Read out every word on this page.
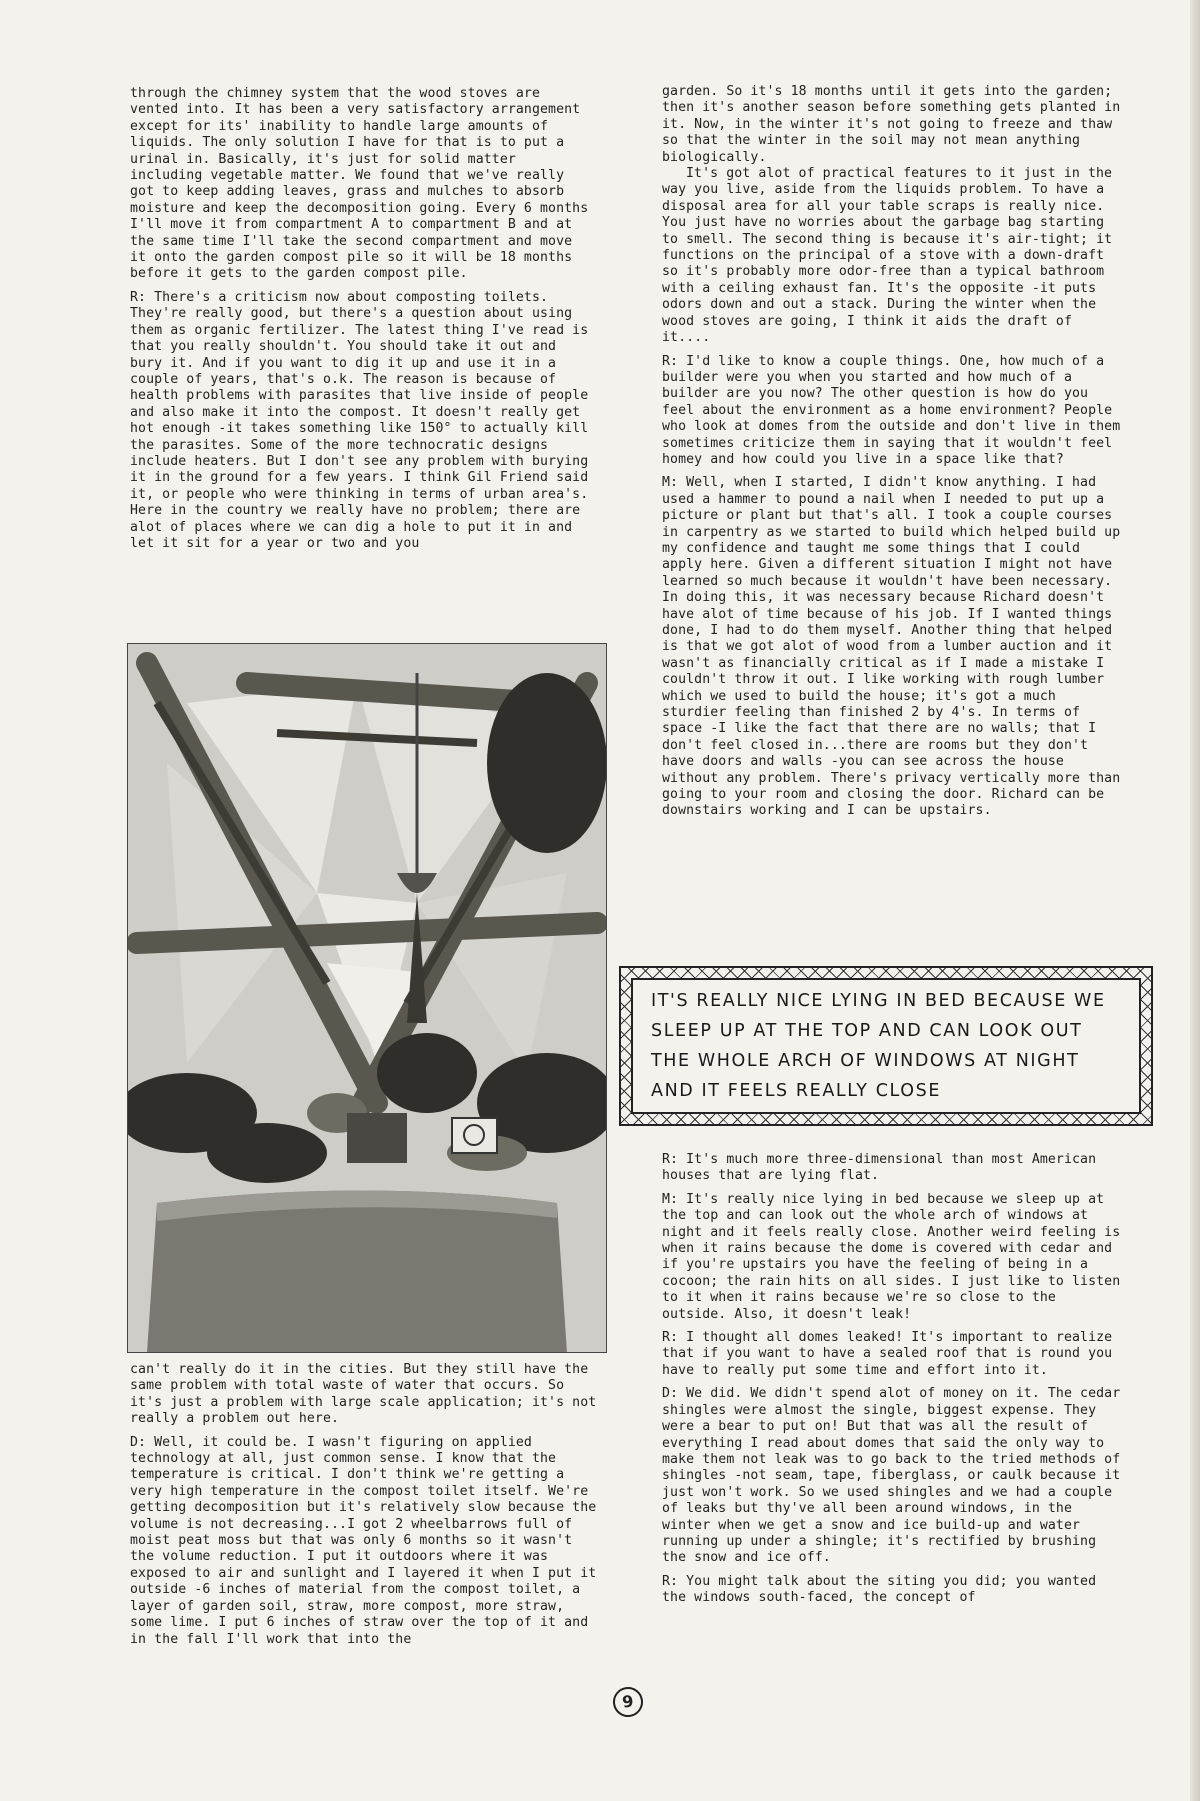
through the chimney system that the wood stoves are vented into. It has been a very satisfactory arrangement except for its' inability to handle large amounts of liquids. The only solution I have for that is to put a urinal in. Basically, it's just for solid matter including vegetable matter. We found that we've really got to keep adding leaves, grass and mulches to absorb moisture and keep the decomposition going. Every 6 months I'll move it from compartment A to compartment B and at the same time I'll take the second compartment and move it onto the garden compost pile so it will be 18 months before it gets to the garden compost pile.

R: There's a criticism now about composting toilets. They're really good, but there's a question about using them as organic fertilizer. The latest thing I've read is that you really shouldn't. You should take it out and bury it. And if you want to dig it up and use it in a couple of years, that's o.k. The reason is because of health problems with parasites that live inside of people and also make it into the compost. It doesn't really get hot enough -it takes something like 150° to actually kill the parasites. Some of the more technocratic designs include heaters. But I don't see any problem with burying it in the ground for a few years. I think Gil Friend said it, or people who were thinking in terms of urban area's. Here in the country we really have no problem; there are alot of places where we can dig a hole to put it in and let it sit for a year or two and you

can't really do it in the cities. But they still have the same problem with total waste of water that occurs. So it's just a problem with large scale application; it's not really a problem out here.

D: Well, it could be. I wasn't figuring on applied technology at all, just common sense. I know that the temperature is critical. I don't think we're getting a very high temperature in the compost toilet itself. We're getting decomposition but it's relatively slow because the volume is not decreasing...I got 2 wheelbarrows full of moist peat moss but that was only 6 months so it wasn't the volume reduction. I put it outdoors where it was exposed to air and sunlight and I layered it when I put it outside -6 inches of material from the compost toilet, a layer of garden soil, straw, more compost, more straw, some lime. I put 6 inches of straw over the top of it and in the fall I'll work that into the

garden. So it's 18 months until it gets into the garden; then it's another season before something gets planted in it. Now, in the winter it's not going to freeze and thaw so that the winter in the soil may not mean anything biologically.

It's got alot of practical features to it just in the way you live, aside from the liquids problem. To have a disposal area for all your table scraps is really nice. You just have no worries about the garbage bag starting to smell. The second thing is because it's air-tight; it functions on the principal of a stove with a down-draft so it's probably more odor-free than a typical bathroom with a ceiling exhaust fan. It's the opposite -it puts odors down and out a stack. During the winter when the wood stoves are going, I think it aids the draft of it....

R: I'd like to know a couple things. One, how much of a builder were you when you started and how much of a builder are you now? The other question is how do you feel about the environment as a home environment? People who look at domes from the outside and don't live in them sometimes criticize them in saying that it wouldn't feel homey and how could you live in a space like that?

M: Well, when I started, I didn't know anything. I had used a hammer to pound a nail when I needed to put up a picture or plant but that's all. I took a couple courses in carpentry as we started to build which helped build up my confidence and taught me some things that I could apply here. Given a different situation I might not have learned so much because it wouldn't have been necessary. In doing this, it was necessary because Richard doesn't have alot of time because of his job. If I wanted things done, I had to do them myself. Another thing that helped is that we got alot of wood from a lumber auction and it wasn't as financially critical as if I made a mistake I couldn't throw it out. I like working with rough lumber which we used to build the house; it's got a much sturdier feeling than finished 2 by 4's. In terms of space -I like the fact that there are no walls; that I don't feel closed in...there are rooms but they don't have doors and walls -you can see across the house without any problem. There's privacy vertically more than going to your room and closing the door. Richard can be downstairs working and I can be upstairs.

IT'S REALLY NICE LYING IN BED BECAUSE WE SLEEP UP AT THE TOP AND CAN LOOK OUT THE WHOLE ARCH OF WINDOWS AT NIGHT AND IT FEELS REALLY CLOSE

R: It's much more three-dimensional than most American houses that are lying flat.

M: It's really nice lying in bed because we sleep up at the top and can look out the whole arch of windows at night and it feels really close. Another weird feeling is when it rains because the dome is covered with cedar and if you're upstairs you have the feeling of being in a cocoon; the rain hits on all sides. I just like to listen to it when it rains because we're so close to the outside. Also, it doesn't leak!

R: I thought all domes leaked! It's important to realize that if you want to have a sealed roof that is round you have to really put some time and effort into it.

D: We did. We didn't spend alot of money on it. The cedar shingles were almost the single, biggest expense. They were a bear to put on! But that was all the result of everything I read about domes that said the only way to make them not leak was to go back to the tried methods of shingles -not seam, tape, fiberglass, or caulk because it just won't work. So we used shingles and we had a couple of leaks but thy've all been around windows, in the winter when we get a snow and ice build-up and water running up under a shingle; it's rectified by brushing the snow and ice off.

R: You might talk about the siting you did; you wanted the windows south-faced, the concept of

9
